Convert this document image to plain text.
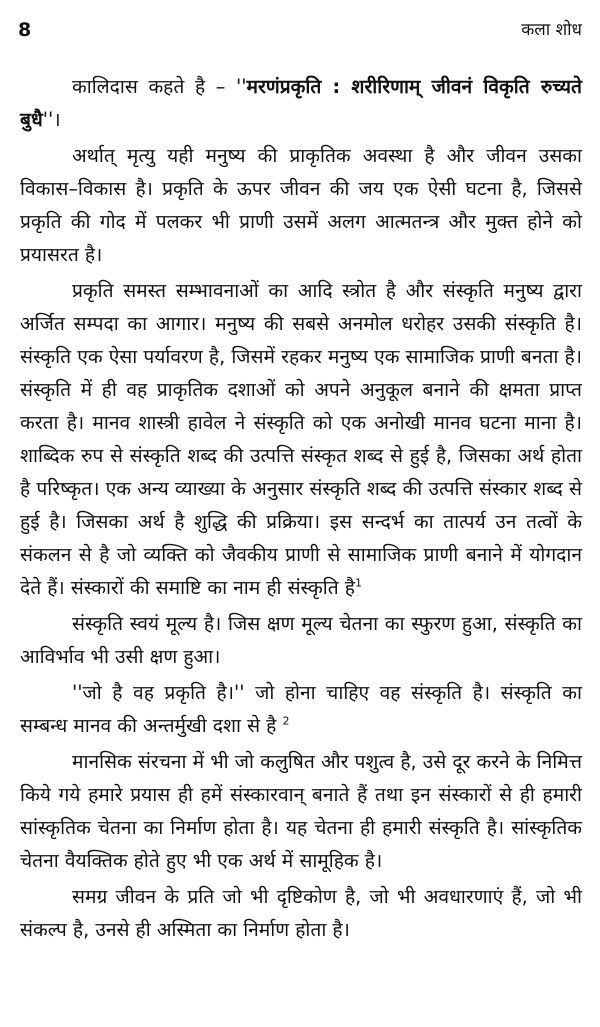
8	कला शोध

कालिदास कहते है – ''मरणंप्रकृति : शरीरिणाम् जीवनं विकृति रुच्यते बुधै''।

अर्थात् मृत्यु यही मनुष्य की प्राकृतिक अवस्था है और जीवन उसका विकास–विकास है। प्रकृति के ऊपर जीवन की जय एक ऐसी घटना है, जिससे प्रकृति की गोद में पलकर भी प्राणी उसमें अलग आत्मतन्त्र और मुक्त होने को प्रयासरत है।

प्रकृति समस्त सम्भावनाओं का आदि स्त्रोत है और संस्कृति मनुष्य द्वारा अर्जित सम्पदा का आगार। मनुष्य की सबसे अनमोल धरोहर उसकी संस्कृति है। संस्कृति एक ऐसा पर्यावरण है, जिसमें रहकर मनुष्य एक सामाजिक प्राणी बनता है। संस्कृति में ही वह प्राकृतिक दशाओं को अपने अनुकूल बनाने की क्षमता प्राप्त करता है। मानव शास्त्री हावेल ने संस्कृति को एक अनोखी मानव घटना माना है। शाब्दिक रुप से संस्कृति शब्द की उत्पत्ति संस्कृत शब्द से हुई है, जिसका अर्थ होता है परिष्कृत। एक अन्य व्याख्या के अनुसार संस्कृति शब्द की उत्पत्ति संस्कार शब्द से हुई है। जिसका अर्थ है शुद्धि की प्रक्रिया। इस सन्दर्भ का तात्पर्य उन तत्वों के संकलन से है जो व्यक्ति को जैवकीय प्राणी से सामाजिक प्राणी बनाने में योगदान देते हैं। संस्कारों की समाष्टि का नाम ही संस्कृति है$^1$

संस्कृति स्वयं मूल्य है। जिस क्षण मूल्य चेतना का स्फुरण हुआ, संस्कृति का आविर्भाव भी उसी क्षण हुआ।

''जो है वह प्रकृति है।'' जो होना चाहिए वह संस्कृति है। संस्कृति का सम्बन्ध मानव की अन्तर्मुखी दशा से है $^2$

मानसिक संरचना में भी जो कलुषित और पशुत्व है, उसे दूर करने के निमित्त किये गये हमारे प्रयास ही हमें संस्कारवान् बनाते हैं तथा इन संस्कारों से ही हमारी सांस्कृतिक चेतना का निर्माण होता है। यह चेतना ही हमारी संस्कृति है। सांस्कृतिक चेतना वैयक्तिक होते हुए भी एक अर्थ में सामूहिक है।

समग्र जीवन के प्रति जो भी दृष्टिकोण है, जो भी अवधारणाएं हैं, जो भी संकल्प है, उनसे ही अस्मिता का निर्माण होता है।
